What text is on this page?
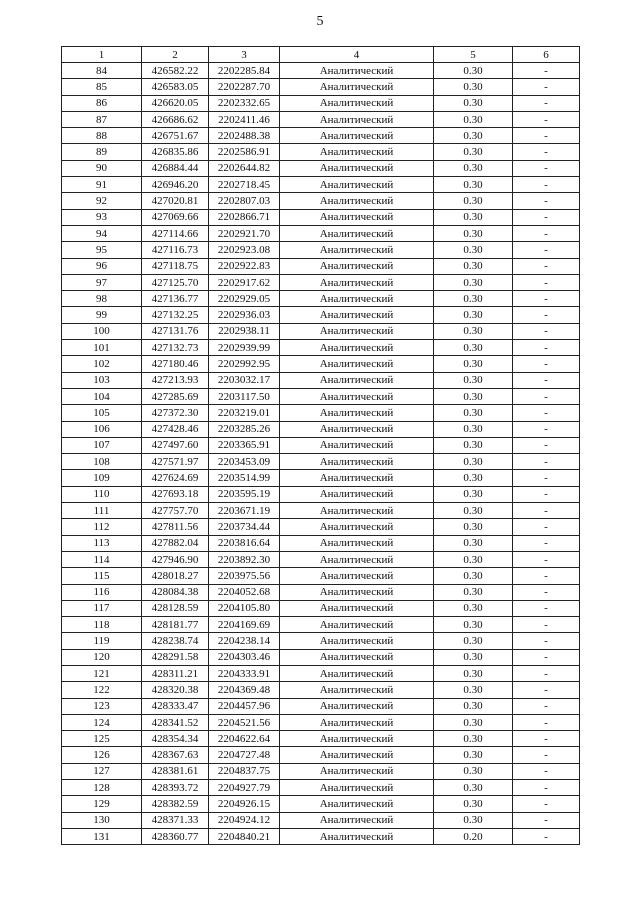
5
1	2	3	4	5	6
84	426582.22	2202285.84	Аналитический	0.30	-
85	426583.05	2202287.70	Аналитический	0.30	-
86	426620.05	2202332.65	Аналитический	0.30	-
87	426686.62	2202411.46	Аналитический	0.30	-
88	426751.67	2202488.38	Аналитический	0.30	-
89	426835.86	2202586.91	Аналитический	0.30	-
90	426884.44	2202644.82	Аналитический	0.30	-
91	426946.20	2202718.45	Аналитический	0.30	-
92	427020.81	2202807.03	Аналитический	0.30	-
93	427069.66	2202866.71	Аналитический	0.30	-
94	427114.66	2202921.70	Аналитический	0.30	-
95	427116.73	2202923.08	Аналитический	0.30	-
96	427118.75	2202922.83	Аналитический	0.30	-
97	427125.70	2202917.62	Аналитический	0.30	-
98	427136.77	2202929.05	Аналитический	0.30	-
99	427132.25	2202936.03	Аналитический	0.30	-
100	427131.76	2202938.11	Аналитический	0.30	-
101	427132.73	2202939.99	Аналитический	0.30	-
102	427180.46	2202992.95	Аналитический	0.30	-
103	427213.93	2203032.17	Аналитический	0.30	-
104	427285.69	2203117.50	Аналитический	0.30	-
105	427372.30	2203219.01	Аналитический	0.30	-
106	427428.46	2203285.26	Аналитический	0.30	-
107	427497.60	2203365.91	Аналитический	0.30	-
108	427571.97	2203453.09	Аналитический	0.30	-
109	427624.69	2203514.99	Аналитический	0.30	-
110	427693.18	2203595.19	Аналитический	0.30	-
111	427757.70	2203671.19	Аналитический	0.30	-
112	427811.56	2203734.44	Аналитический	0.30	-
113	427882.04	2203816.64	Аналитический	0.30	-
114	427946.90	2203892.30	Аналитический	0.30	-
115	428018.27	2203975.56	Аналитический	0.30	-
116	428084.38	2204052.68	Аналитический	0.30	-
117	428128.59	2204105.80	Аналитический	0.30	-
118	428181.77	2204169.69	Аналитический	0.30	-
119	428238.74	2204238.14	Аналитический	0.30	-
120	428291.58	2204303.46	Аналитический	0.30	-
121	428311.21	2204333.91	Аналитический	0.30	-
122	428320.38	2204369.48	Аналитический	0.30	-
123	428333.47	2204457.96	Аналитический	0.30	-
124	428341.52	2204521.56	Аналитический	0.30	-
125	428354.34	2204622.64	Аналитический	0.30	-
126	428367.63	2204727.48	Аналитический	0.30	-
127	428381.61	2204837.75	Аналитический	0.30	-
128	428393.72	2204927.79	Аналитический	0.30	-
129	428382.59	2204926.15	Аналитический	0.30	-
130	428371.33	2204924.12	Аналитический	0.30	-
131	428360.77	2204840.21	Аналитический	0.20	-
